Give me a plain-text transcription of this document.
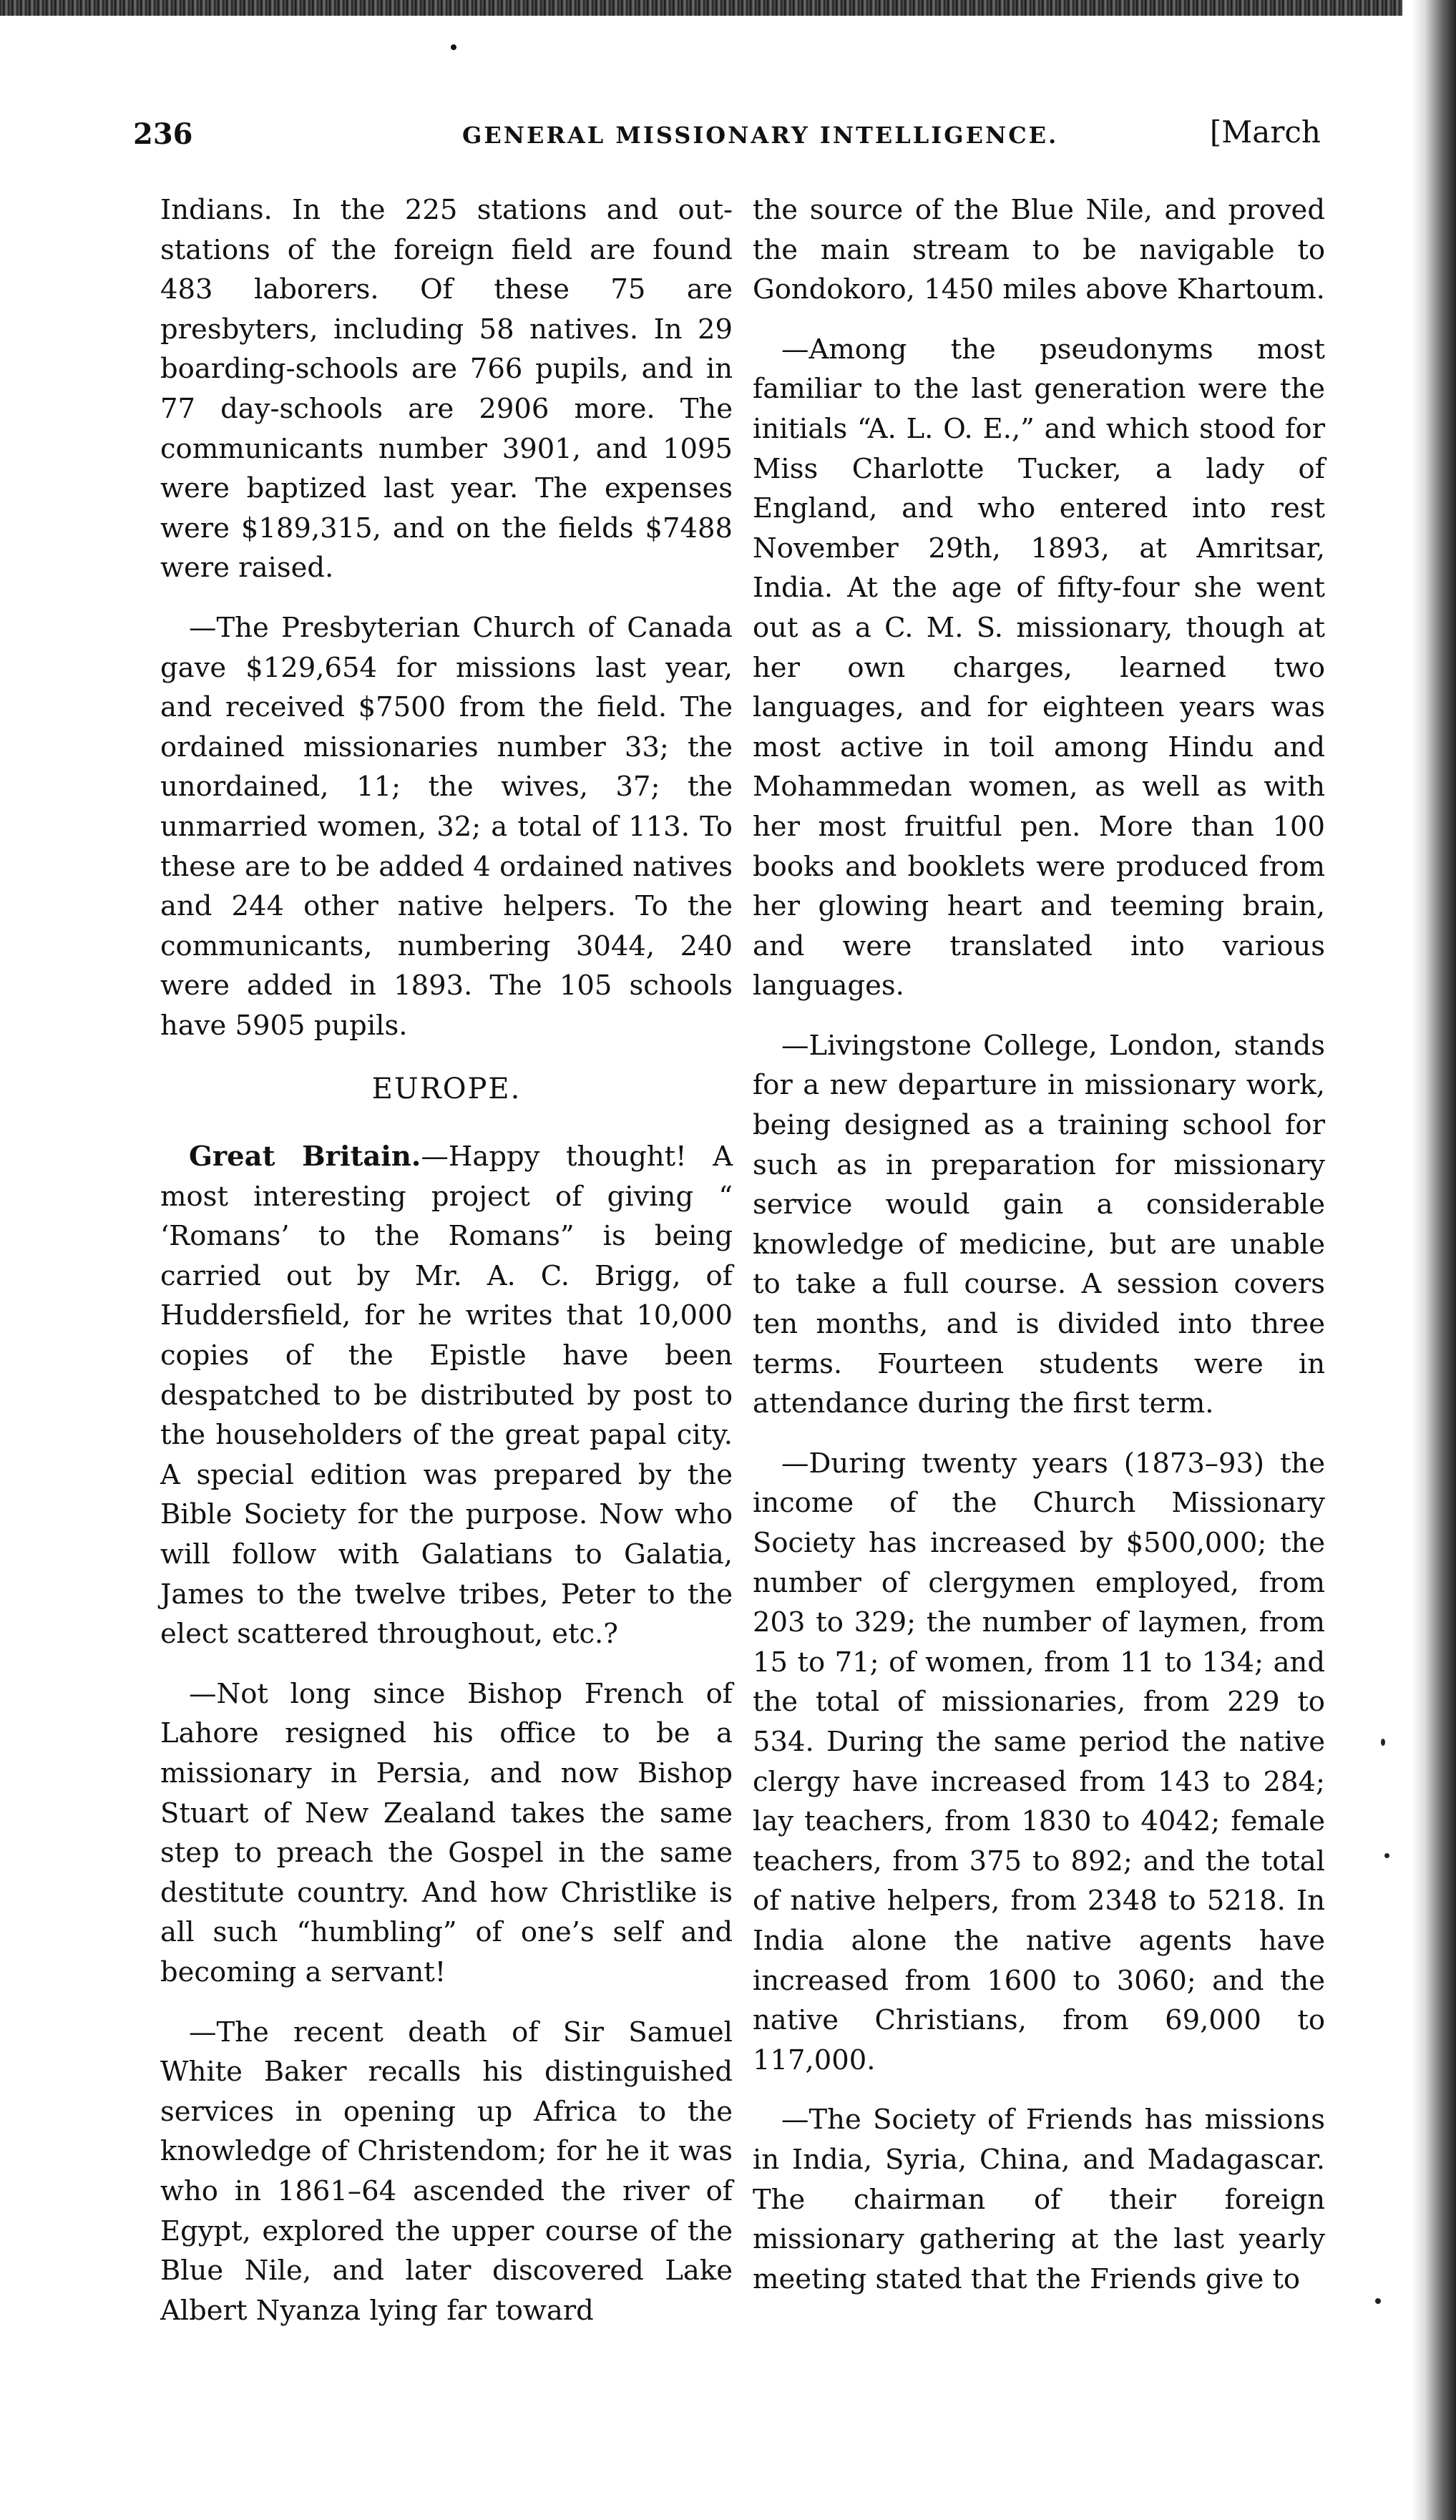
236	GENERAL MISSIONARY INTELLIGENCE.	[March

Indians. In the 225 stations and out-stations of the foreign field are found 483 laborers. Of these 75 are presbyters, including 58 natives. In 29 boarding-schools are 766 pupils, and in 77 day-schools are 2906 more. The communicants number 3901, and 1095 were baptized last year. The expenses were $189,315, and on the fields $7488 were raised.

—The Presbyterian Church of Canada gave $129,654 for missions last year, and received $7500 from the field. The ordained missionaries number 33; the unordained, 11; the wives, 37; the unmarried women, 32; a total of 113. To these are to be added 4 ordained natives and 244 other native helpers. To the communicants, numbering 3044, 240 were added in 1893. The 105 schools have 5905 pupils.

EUROPE.

Great Britain.—Happy thought! A most interesting project of giving “ ‘Romans’ to the Romans” is being carried out by Mr. A. C. Brigg, of Huddersfield, for he writes that 10,000 copies of the Epistle have been despatched to be distributed by post to the householders of the great papal city. A special edition was prepared by the Bible Society for the purpose. Now who will follow with Galatians to Galatia, James to the twelve tribes, Peter to the elect scattered throughout, etc.?

—Not long since Bishop French of Lahore resigned his office to be a missionary in Persia, and now Bishop Stuart of New Zealand takes the same step to preach the Gospel in the same destitute country. And how Christlike is all such “humbling” of one’s self and becoming a servant!

—The recent death of Sir Samuel White Baker recalls his distinguished services in opening up Africa to the knowledge of Christendom; for he it was who in 1861–64 ascended the river of Egypt, explored the upper course of the Blue Nile, and later discovered Lake Albert Nyanza lying far toward

the source of the Blue Nile, and proved the main stream to be navigable to Gondokoro, 1450 miles above Khartoum.

—Among the pseudonyms most familiar to the last generation were the initials “A. L. O. E.,” and which stood for Miss Charlotte Tucker, a lady of England, and who entered into rest November 29th, 1893, at Amritsar, India. At the age of fifty-four she went out as a C. M. S. missionary, though at her own charges, learned two languages, and for eighteen years was most active in toil among Hindu and Mohammedan women, as well as with her most fruitful pen. More than 100 books and booklets were produced from her glowing heart and teeming brain, and were translated into various languages.

—Livingstone College, London, stands for a new departure in missionary work, being designed as a training school for such as in preparation for missionary service would gain a considerable knowledge of medicine, but are unable to take a full course. A session covers ten months, and is divided into three terms. Fourteen students were in attendance during the first term.

—During twenty years (1873–93) the income of the Church Missionary Society has increased by $500,000; the number of clergymen employed, from 203 to 329; the number of laymen, from 15 to 71; of women, from 11 to 134; and the total of missionaries, from 229 to 534. During the same period the native clergy have increased from 143 to 284; lay teachers, from 1830 to 4042; female teachers, from 375 to 892; and the total of native helpers, from 2348 to 5218. In India alone the native agents have increased from 1600 to 3060; and the native Christians, from 69,000 to 117,000.

—The Society of Friends has missions in India, Syria, China, and Madagascar. The chairman of their foreign missionary gathering at the last yearly meeting stated that the Friends give to
